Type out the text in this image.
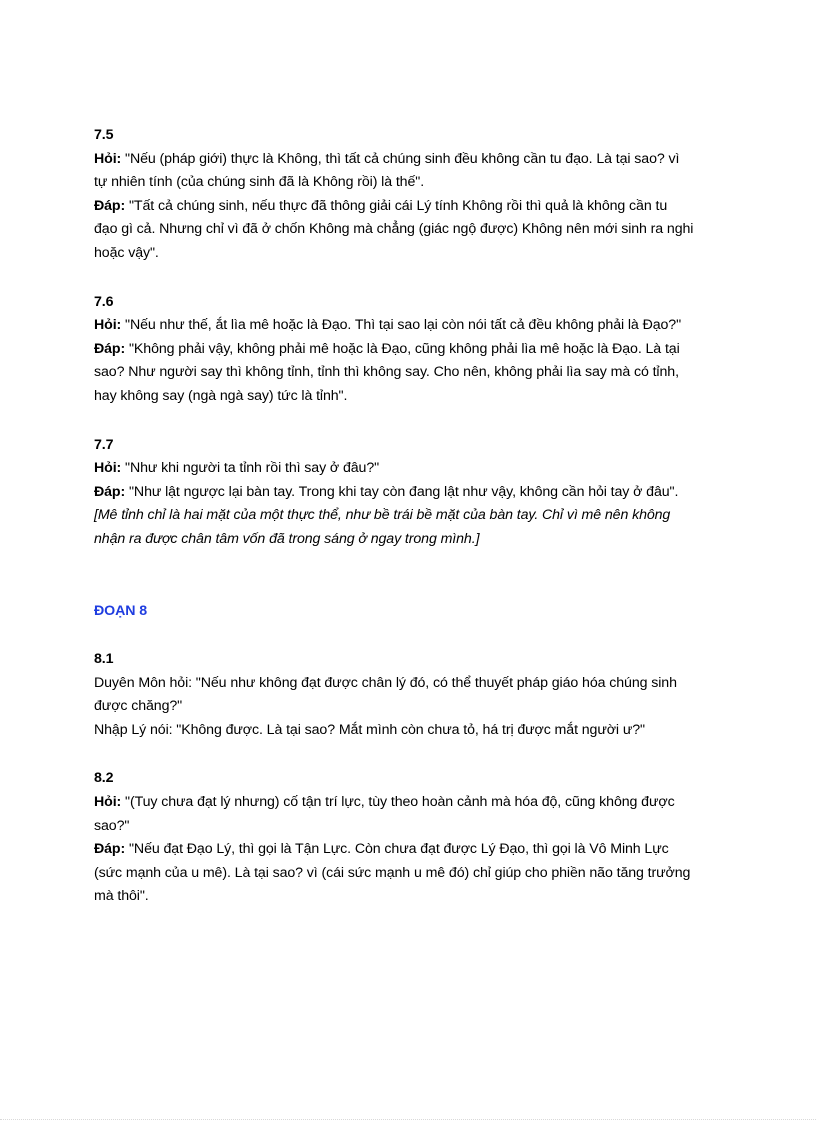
7.5
Hỏi: "Nếu (pháp giới) thực là Không, thì tất cả chúng sinh đều không cần tu đạo. Là tại sao? vì
tự nhiên tính (của chúng sinh đã là Không rồi) là thế".
Đáp: "Tất cả chúng sinh, nếu thực đã thông giải cái Lý tính Không rồi thì quả là không cần tu
đạo gì cả. Nhưng chỉ vì đã ở chốn Không mà chẳng (giác ngộ được) Không nên mới sinh ra nghi
hoặc vậy".
7.6
Hỏi: "Nếu như thế, ắt lìa mê hoặc là Đạo. Thì tại sao lại còn nói tất cả đều không phải là Đạo?"
Đáp: "Không phải vậy, không phải mê hoặc là Đạo, cũng không phải lìa mê hoặc là Đạo. Là tại
sao? Như người say thì không tỉnh, tỉnh thì không say. Cho nên, không phải lìa say mà có tỉnh,
hay không say (ngà ngà say) tức là tỉnh".
7.7
Hỏi: "Như khi người ta tỉnh rồi thì say ở đâu?"
Đáp: "Như lật ngược lại bàn tay. Trong khi tay còn đang lật như vậy, không cần hỏi tay ở đâu".
[Mê tỉnh chỉ là hai mặt của một thực thể, như bề trái bề mặt của bàn tay. Chỉ vì mê nên không
nhận ra được chân tâm vốn đã trong sáng ở ngay trong mình.]
ĐOẠN 8
8.1
Duyên Môn hỏi: "Nếu như không đạt được chân lý đó, có thể thuyết pháp giáo hóa chúng sinh
được chăng?"
Nhập Lý nói: "Không được. Là tại sao? Mắt mình còn chưa tỏ, há trị được mắt người ư?"
8.2
Hỏi: "(Tuy chưa đạt lý nhưng) cố tận trí lực, tùy theo hoàn cảnh mà hóa độ, cũng không được
sao?"
Đáp: "Nếu đạt Đạo Lý, thì gọi là Tận Lực. Còn chưa đạt được Lý Đạo, thì gọi là Vô Minh Lực
(sức mạnh của u mê). Là tại sao? vì (cái sức mạnh u mê đó) chỉ giúp cho phiền não tăng trưởng
mà thôi".
